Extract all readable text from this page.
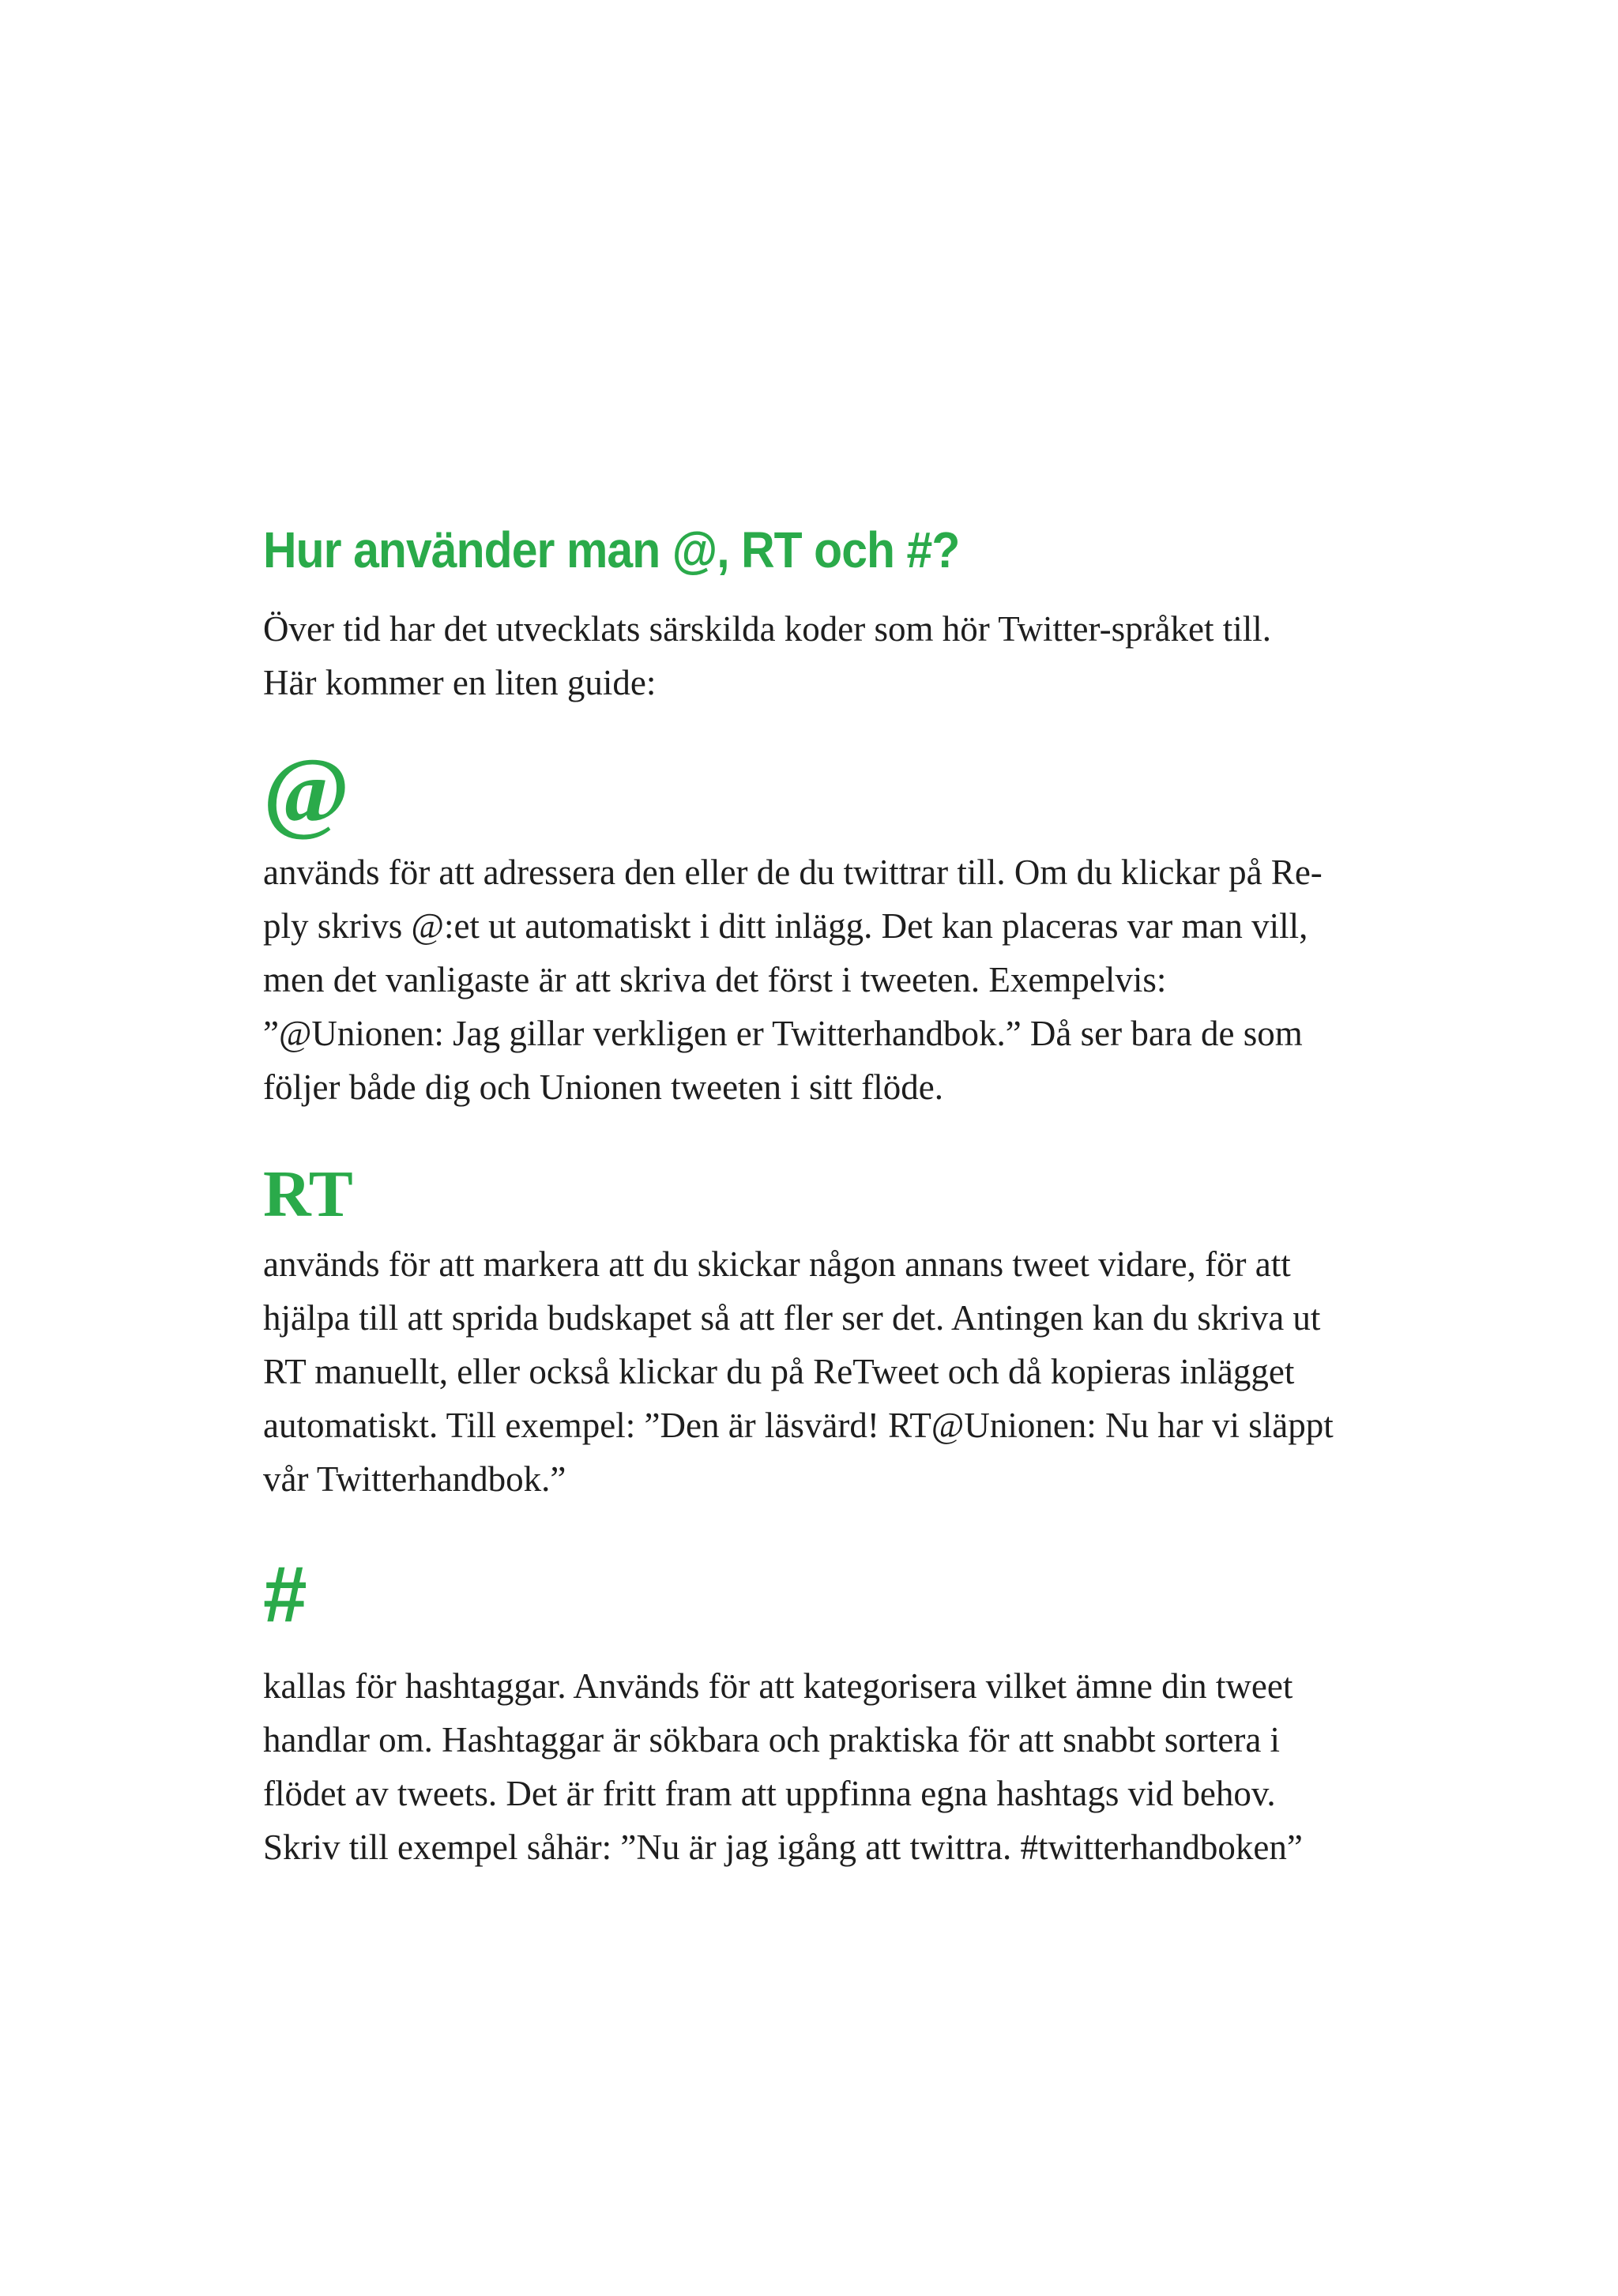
Hur använder man @, RT och #?
Över tid har det utvecklats särskilda koder som hör Twitter-språket till.
Här kommer en liten guide:
@
används för att adressera den eller de du twittrar till. Om du klickar på Re-
ply skrivs @:et ut automatiskt i ditt inlägg. Det kan placeras var man vill,
men det vanligaste är att skriva det först i tweeten. Exempelvis:
”@Unionen: Jag gillar verkligen er Twitterhandbok.” Då ser bara de som
följer både dig och Unionen tweeten i sitt flöde.
RT
används för att markera att du skickar någon annans tweet vidare, för att
hjälpa till att sprida budskapet så att fler ser det. Antingen kan du skriva ut
RT manuellt, eller också klickar du på ReTweet och då kopieras inlägget
automatiskt. Till exempel: ”Den är läsvärd! RT@Unionen: Nu har vi släppt
vår Twitterhandbok.”
#
kallas för hashtaggar. Används för att kategorisera vilket ämne din tweet
handlar om. Hashtaggar är sökbara och praktiska för att snabbt sortera i
flödet av tweets. Det är fritt fram att uppfinna egna hashtags vid behov.
Skriv till exempel såhär: ”Nu är jag igång att twittra. #twitterhandboken”
